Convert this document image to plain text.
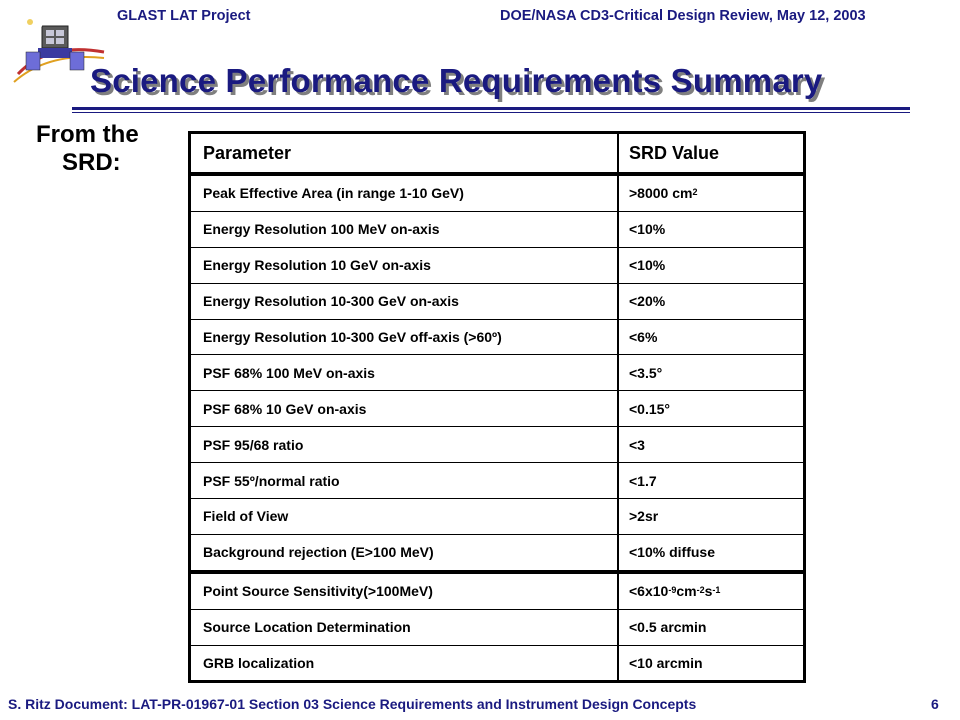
GLAST LAT Project	DOE/NASA CD3-Critical Design Review, May 12, 2003
Science Performance Requirements Summary
From the
SRD:	Parameter	SRD Value
Peak Effective Area (in range 1-10 GeV)	>8000 $cm^2$
Energy Resolution 100 MeV on-axis	<10%
Energy Resolution 10 GeV on-axis	<10%
Energy Resolution 10-300 GeV on-axis	<20%
Energy Resolution 10-300 GeV off-axis (>60º)	<6%
PSF 68% 100 MeV on-axis	<3.5°
PSF 68% 10 GeV on-axis	<0.15°
PSF 95/68 ratio	<3
PSF 55º/normal ratio	<1.7
Field of View	>2sr
Background rejection (E>100 MeV)	<10% diffuse
Point Source Sensitivity(>100MeV)	$<6x10^{-9}$ $cm^{-2}$ $s^{-1}$
Source Location Determination	<0.5 arcmin
GRB localization	<10 arcmin
S. Ritz Document: LAT-PR-01967-01 Section 03 Science Requirements and Instrument Design Concepts	6
